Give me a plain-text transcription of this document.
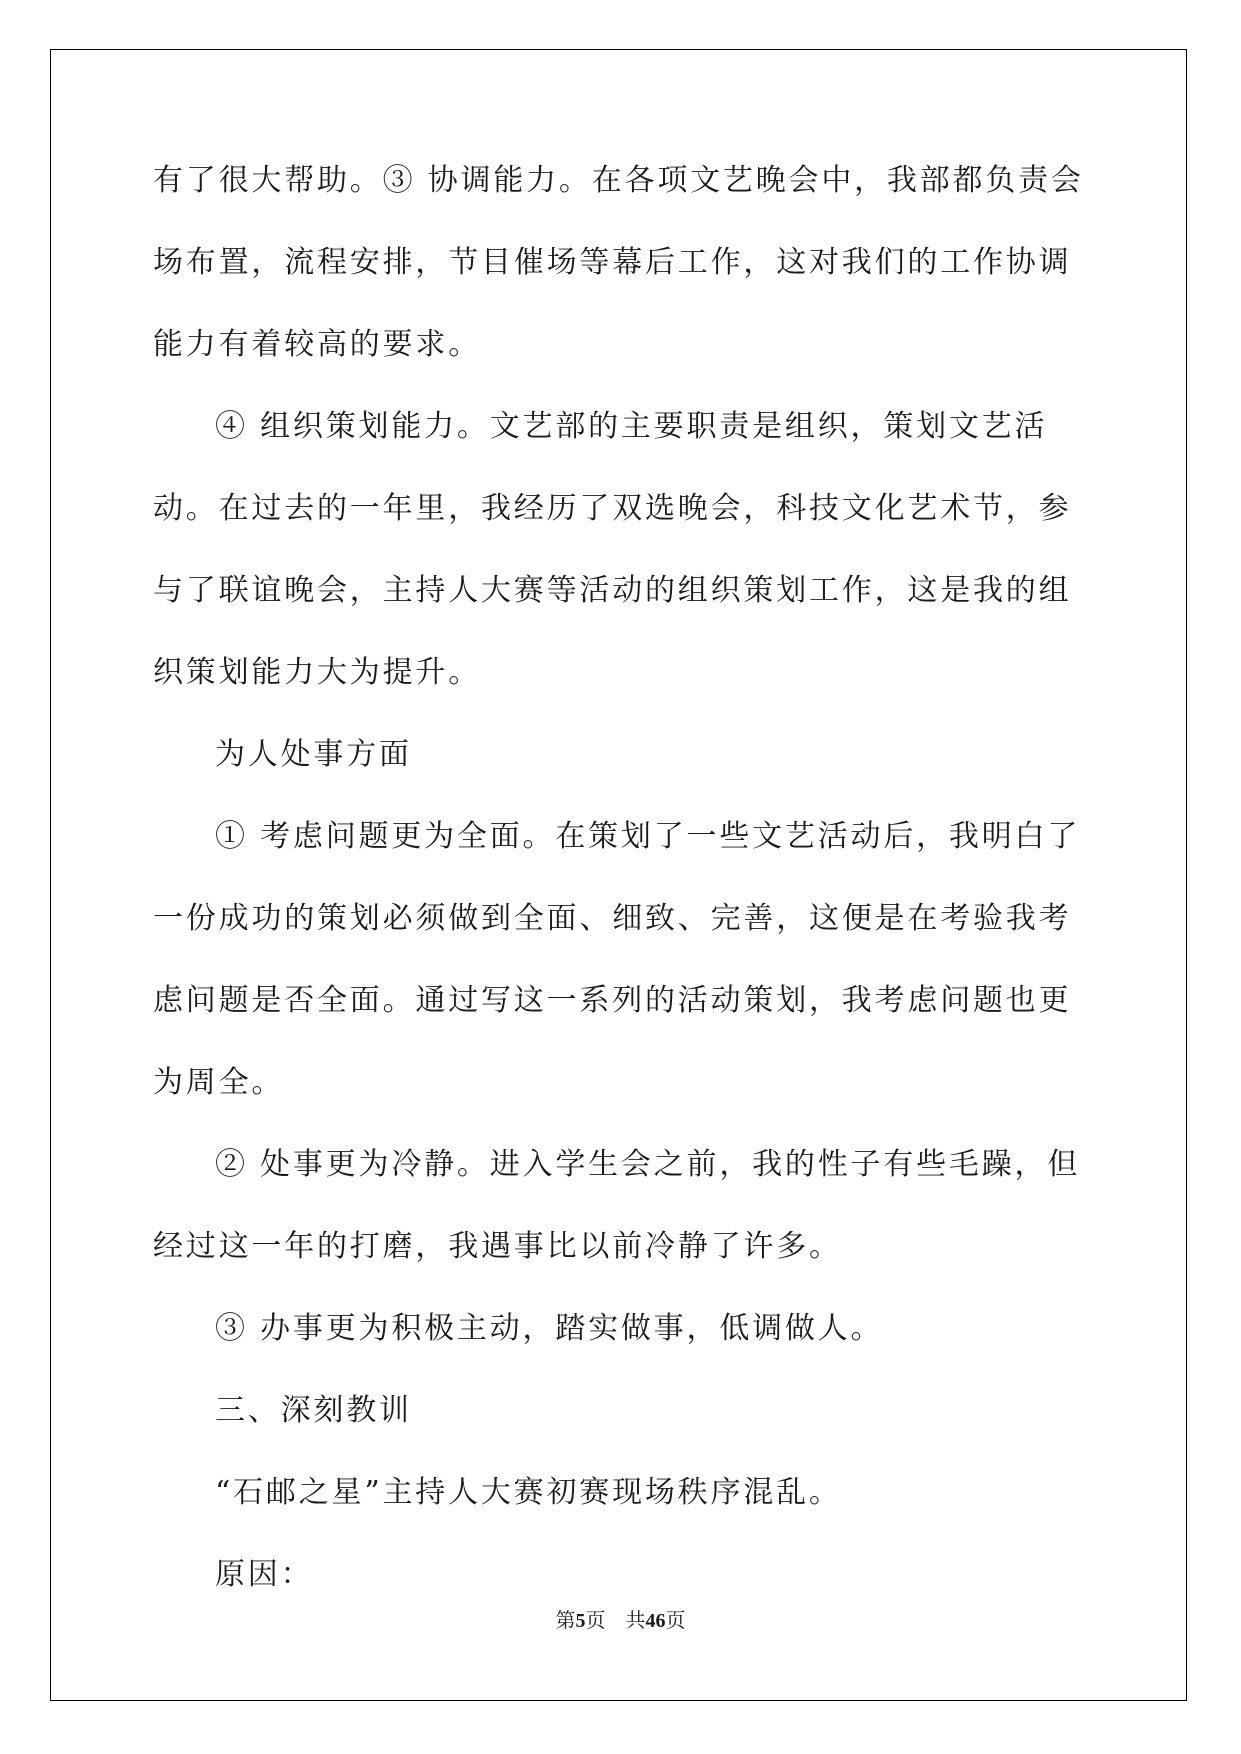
有了很大帮助。③ 协调能力。在各项文艺晚会中，我部都负责会场布置，流程安排，节目催场等幕后工作，这对我们的工作协调能力有着较高的要求。

④ 组织策划能力。文艺部的主要职责是组织，策划文艺活动。在过去的一年里，我经历了双选晚会，科技文化艺术节，参与了联谊晚会，主持人大赛等活动的组织策划工作，这是我的组织策划能力大为提升。

为人处事方面

① 考虑问题更为全面。在策划了一些文艺活动后，我明白了一份成功的策划必须做到全面、细致、完善，这便是在考验我考虑问题是否全面。通过写这一系列的活动策划，我考虑问题也更为周全。

② 处事更为冷静。进入学生会之前，我的性子有些毛躁，但经过这一年的打磨，我遇事比以前冷静了许多。

③ 办事更为积极主动，踏实做事，低调做人。

三、深刻教训

“石邮之星”主持人大赛初赛现场秩序混乱。

原因：

第5页　共46页
